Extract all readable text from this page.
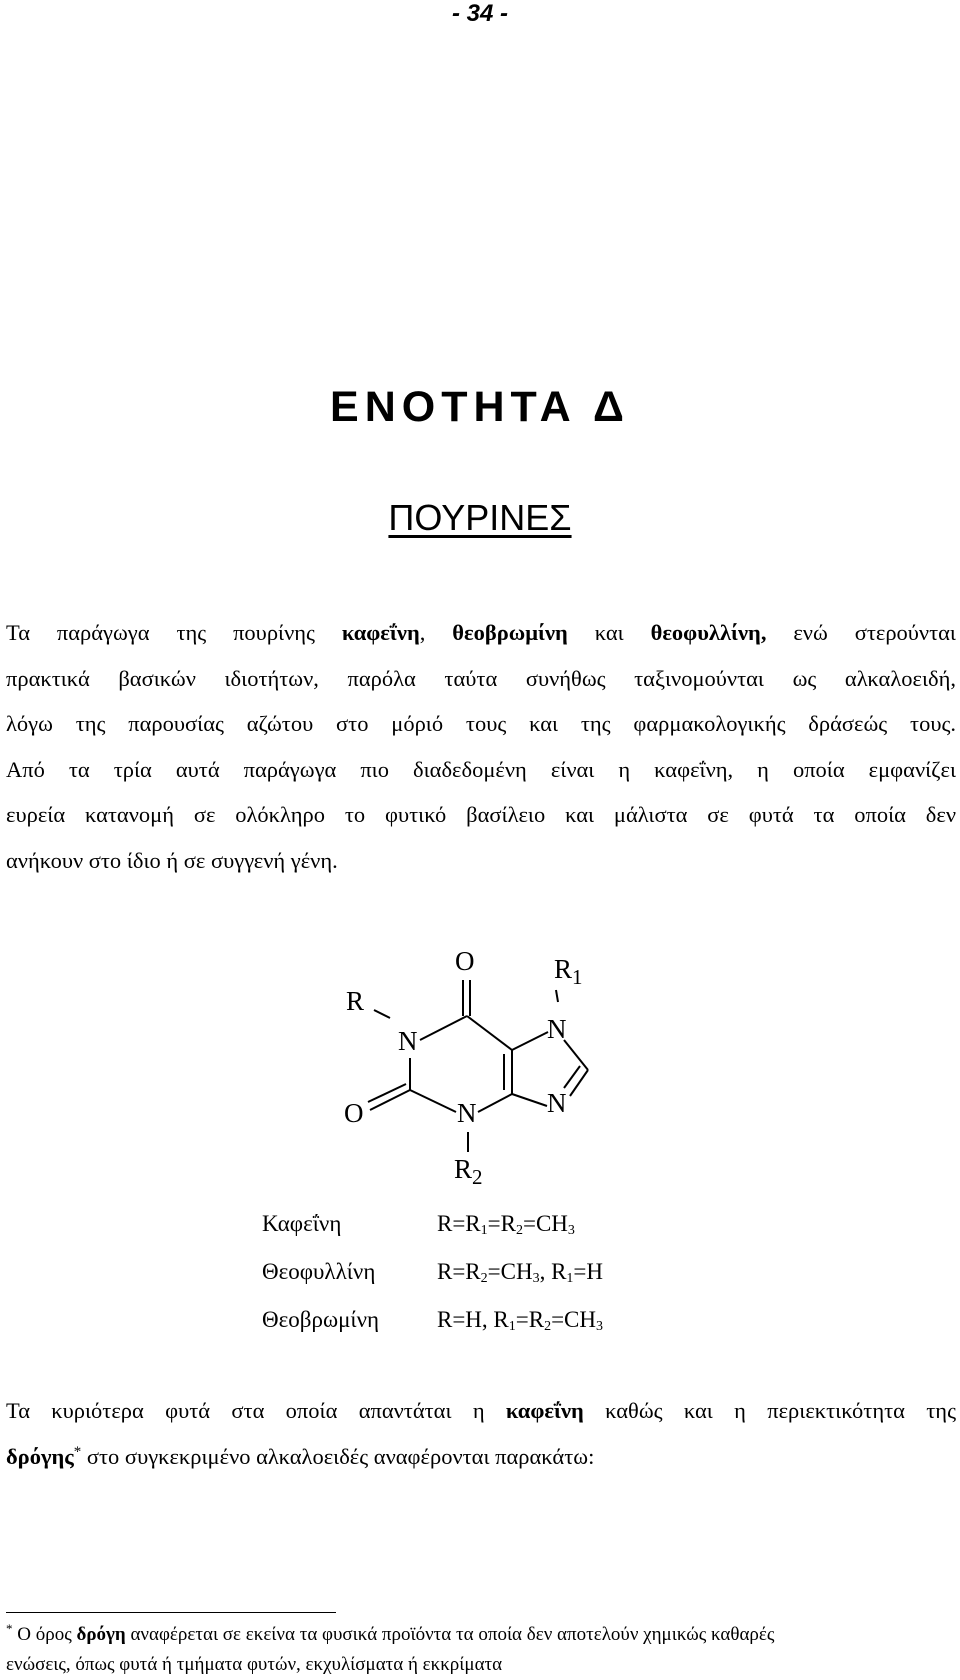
- 34 -
ΕΝΟΤΗΤΑ Δ
ΠΟΥΡΙΝΕΣ
Τα παράγωγα της πουρίνης καφεΐνη, θεοβρωμίνη και θεοφυλλίνη, ενώ στερούνται
πρακτικά βασικών ιδιοτήτων, παρόλα ταύτα συνήθως ταξινομούνται ως αλκαλοειδή,
λόγω της παρουσίας αζώτου στο μόριό τους και της φαρμακολογικής δράσεώς τους.
Από τα τρία αυτά παράγωγα πιο διαδεδομένη είναι η καφεΐνη, η οποία εμφανίζει
ευρεία κατανομή σε ολόκληρο το φυτικό βασίλειο και μάλιστα σε φυτά τα οποία δεν
ανήκουν στο ίδιο ή σε συγγενή γένη.
O	$R_1$
R
N	N
O	N	N
$R_2$
Καφεΐνη	$R=R_1=R_2=CH_3$
Θεοφυλλίνη	$R=R_2=CH_3$, $R_1=H$
Θεοβρωμίνη	R=H, $R_1=R_2=CH_3$
Τα κυριότερα φυτά στα οποία απαντάται η καφεΐνη καθώς και η περιεκτικότητα της
δρόγης* στο συγκεκριμένο αλκαλοειδές αναφέρονται παρακάτω:
* Ο όρος δρόγη αναφέρεται σε εκείνα τα φυσικά προϊόντα τα οποία δεν αποτελούν χημικώς καθαρές
ενώσεις, όπως φυτά ή τμήματα φυτών, εκχυλίσματα ή εκκρίματα
